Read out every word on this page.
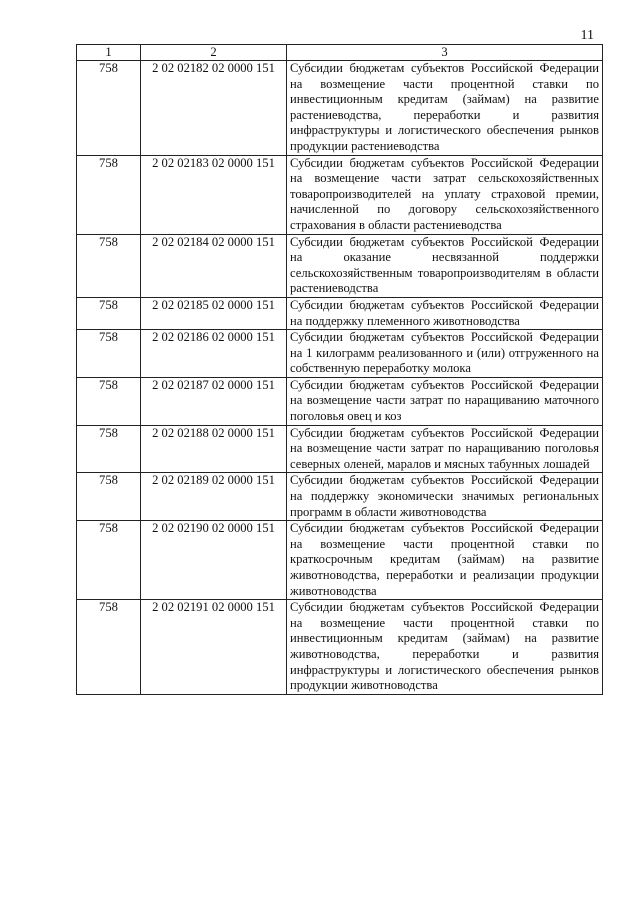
11
1	2	3
758	2 02 02182 02 0000 151	Субсидии бюджетам субъектов Российской Федерации на возмещение части процентной ставки по инвестиционным кредитам (займам) на развитие растениеводства, переработки и развития инфраструктуры и логистического обеспечения рынков продукции растениеводства
758	2 02 02183 02 0000 151	Субсидии бюджетам субъектов Российской Федерации на возмещение части затрат сельскохозяйственных товаропроизводителей на уплату страховой премии, начисленной по договору сельскохозяйственного страхования в области растениеводства
758	2 02 02184 02 0000 151	Субсидии бюджетам субъектов Российской Федерации на оказание несвязанной поддержки сельскохозяйственным товаропроизводителям в области растениеводства
758	2 02 02185 02 0000 151	Субсидии бюджетам субъектов Российской Федерации на поддержку племенного животноводства
758	2 02 02186 02 0000 151	Субсидии бюджетам субъектов Российской Федерации на 1 килограмм реализованного и (или) отгруженного на собственную переработку молока
758	2 02 02187 02 0000 151	Субсидии бюджетам субъектов Российской Федерации на возмещение части затрат по наращиванию маточного поголовья овец и коз
758	2 02 02188 02 0000 151	Субсидии бюджетам субъектов Российской Федерации на возмещение части затрат по наращиванию поголовья северных оленей, маралов и мясных табунных лошадей
758	2 02 02189 02 0000 151	Субсидии бюджетам субъектов Российской Федерации на поддержку экономически значимых региональных программ в области животноводства
758	2 02 02190 02 0000 151	Субсидии бюджетам субъектов Российской Федерации на возмещение части процентной ставки по краткосрочным кредитам (займам) на развитие животноводства, переработки и реализации продукции животноводства
758	2 02 02191 02 0000 151	Субсидии бюджетам субъектов Российской Федерации на возмещение части процентной ставки по инвестиционным кредитам (займам) на развитие животноводства, переработки и развития инфраструктуры и логистического обеспечения рынков продукции животноводства
